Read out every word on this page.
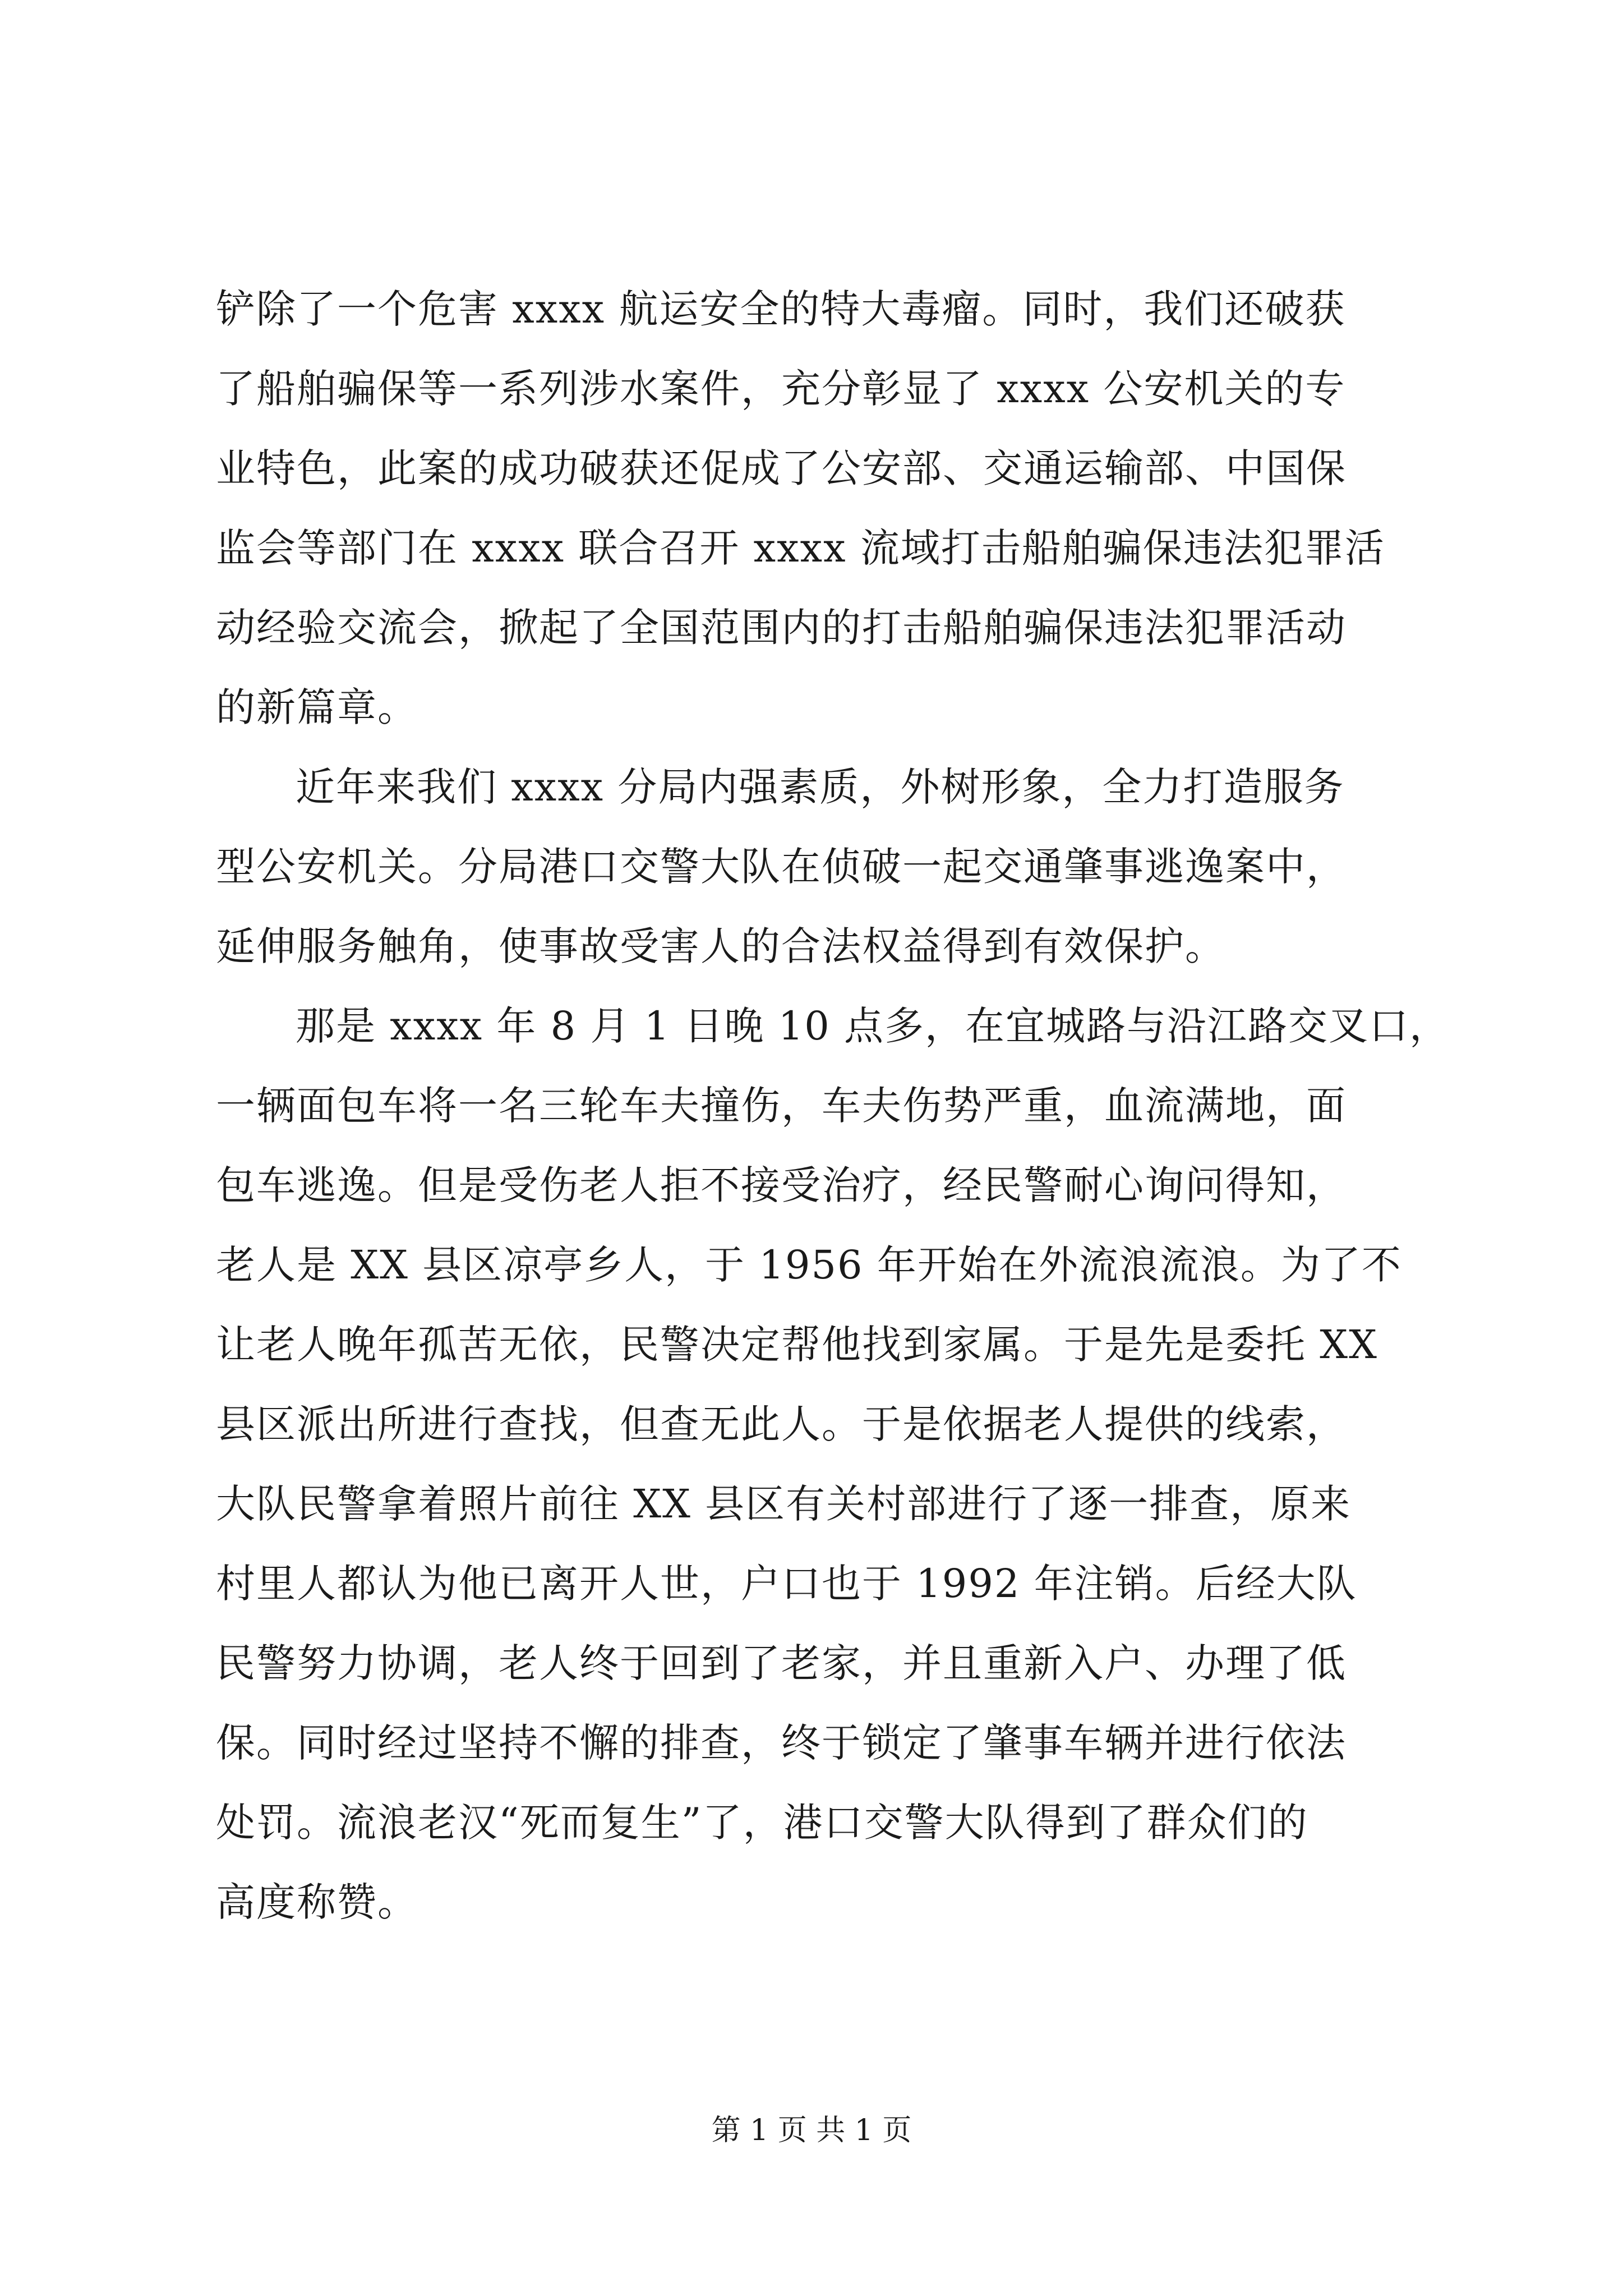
铲除了一个危害 xxxx 航运安全的特大毒瘤。同时，我们还破获
了船舶骗保等一系列涉水案件，充分彰显了 xxxx 公安机关的专
业特色，此案的成功破获还促成了公安部、交通运输部、中国保
监会等部门在 xxxx 联合召开 xxxx 流域打击船舶骗保违法犯罪活
动经验交流会，掀起了全国范围内的打击船舶骗保违法犯罪活动
的新篇章。
近年来我们 xxxx 分局内强素质，外树形象，全力打造服务
型公安机关。分局港口交警大队在侦破一起交通肇事逃逸案中，
延伸服务触角，使事故受害人的合法权益得到有效保护。
那是 xxxx 年 8 月 1 日晚 10 点多，在宜城路与沿江路交叉口，
一辆面包车将一名三轮车夫撞伤，车夫伤势严重，血流满地，面
包车逃逸。但是受伤老人拒不接受治疗，经民警耐心询问得知，
老人是 XX 县区凉亭乡人，于 1956 年开始在外流浪流浪。为了不
让老人晚年孤苦无依，民警决定帮他找到家属。于是先是委托 XX
县区派出所进行查找，但查无此人。于是依据老人提供的线索，
大队民警拿着照片前往 XX 县区有关村部进行了逐一排查，原来
村里人都认为他已离开人世，户口也于 1992 年注销。后经大队
民警努力协调，老人终于回到了老家，并且重新入户、办理了低
保。同时经过坚持不懈的排查，终于锁定了肇事车辆并进行依法
处罚。流浪老汉“死而复生”了，港口交警大队得到了群众们的
高度称赞。
第 1 页 共 1 页
